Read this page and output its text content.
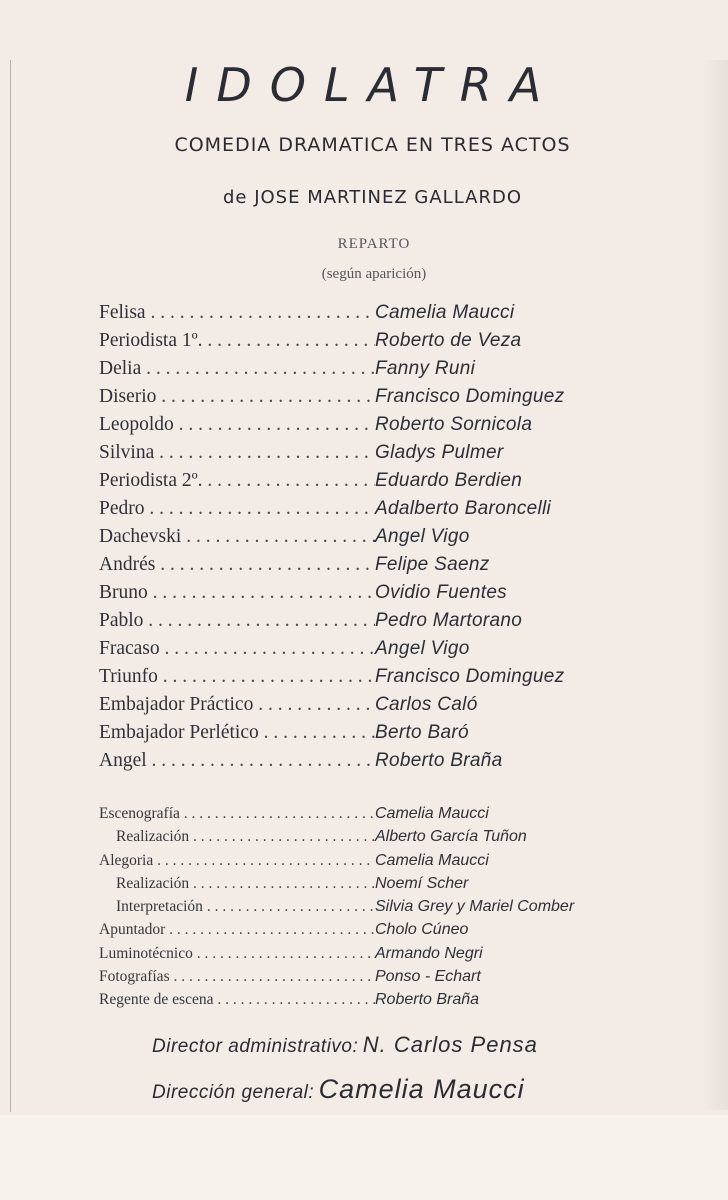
IDOLATRA
COMEDIA DRAMATICA EN TRES ACTOS
de JOSE MARTINEZ GALLARDO
REPARTO
(según aparición)
Felisa . . .	Camelia Maucci
Periodista 1º. . . .	Roberto de Veza
Delia . . .	Fanny Runi
Diserio . . .	Francisco Dominguez
Leopoldo . . .	Roberto Sornicola
Silvina . . .	Gladys Pulmer
Periodista 2º. . . .	Eduardo Berdien
Pedro . . .	Adalberto Baroncelli
Dachevski . . .	Angel Vigo
Andrés . . .	Felipe Saenz
Bruno . . .	Ovidio Fuentes
Pablo . . .	Pedro Martorano
Fracaso . . .	Angel Vigo
Triunfo . . .	Francisco Dominguez
Embajador Práctico . . .	Carlos Caló
Embajador Perlético . . .	Berto Baró
Angel . . .	Roberto Braña
Escenografía . . .	Camelia Maucci
Realización . . .	Alberto García Tuñon
Alegoria . . .	Camelia Maucci
Realización . . .	Noemí Scher
Interpretación . . .	Silvia Grey y Mariel Comber
Apuntador . . .	Cholo Cúneo
Luminotécnico . . .	Armando Negri
Fotografías . . .	Ponso - Echart
Regente de escena . . .	Roberto Braña
Director administrativo: N. Carlos Pensa
Dirección general: Camelia Maucci
